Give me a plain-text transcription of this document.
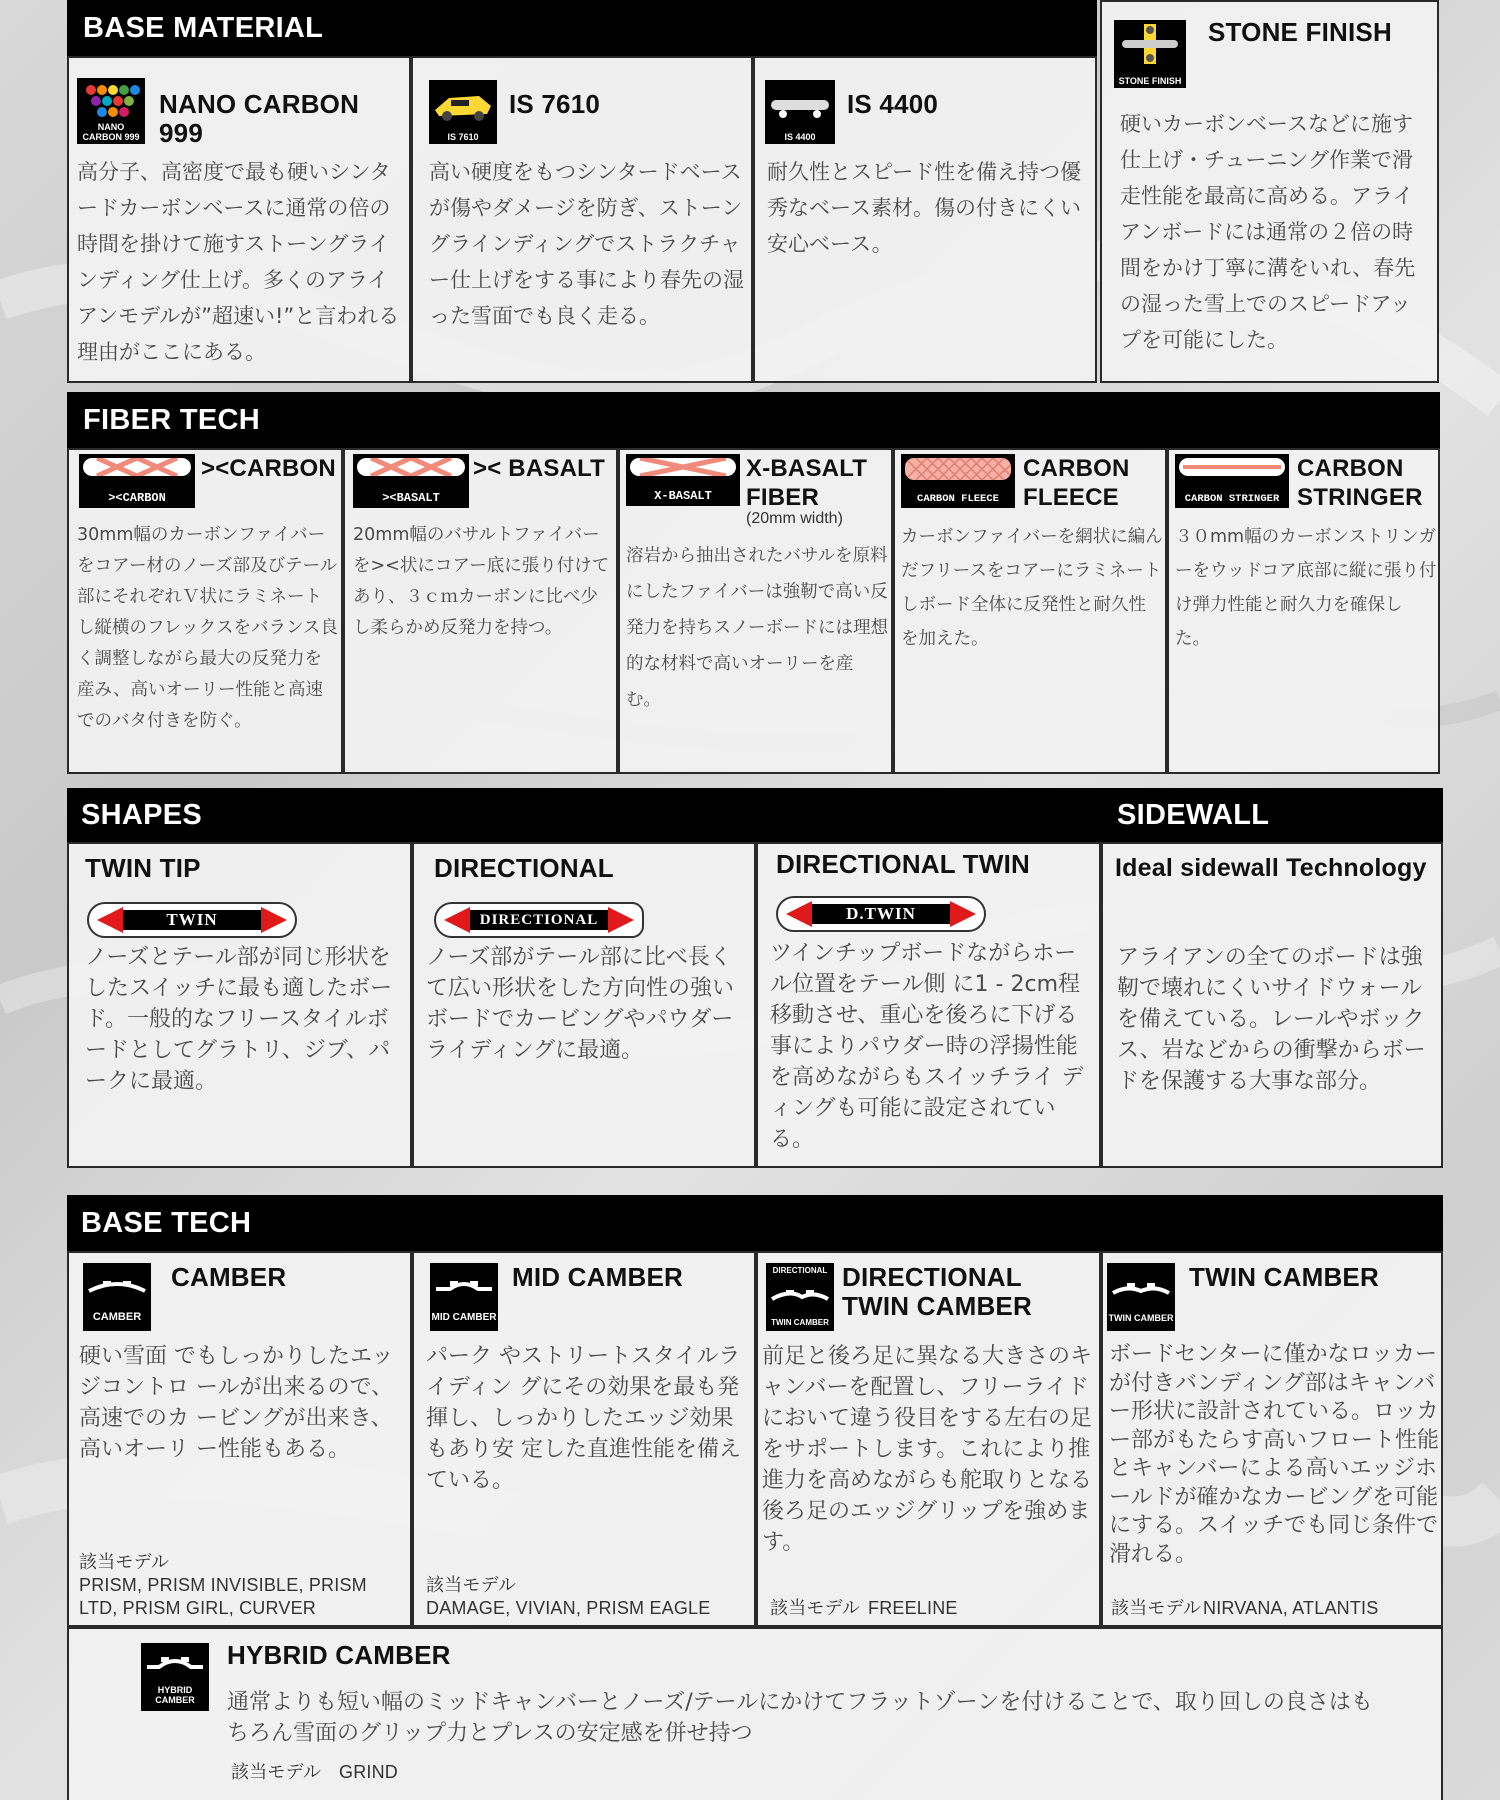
BASE MATERIAL
NANO CARBON 999
NANO CARBON 999
高分子、高密度で最も硬いシンタードカーボンベースに通常の倍の時間を掛けて施すストーングラインディング仕上げ。多くのアライアンモデルが”超速い!”と言われる理由がここにある。
IS 7610
IS 7610
高い硬度をもつシンタードベースが傷やダメージを防ぎ、ストーングラインディングでストラクチャー仕上げをする事により春先の湿った雪面でも良く走る。
IS 4400
IS 4400
耐久性とスピード性を備え持つ優秀なベース素材。傷の付きにくい安心ベース。
STONE FINISH
STONE FINISH
硬いカーボンベースなどに施す仕上げ・チューニング作業で滑走性能を最高に高める。アライアンボードには通常の２倍の時間をかけ丁寧に溝をいれ、春先の湿った雪上でのスピードアップを可能にした。
FIBER TECH
><CARBON
><CARBON
30mm幅のカーボンファイバーをコアー材のノーズ部及びテール部にそれぞれＶ状にラミネートし縦横のフレックスをバランス良く調整しながら最大の反発力を産み、高いオーリー性能と高速でのバタ付きを防ぐ。
><BASALT
>< BASALT
20mm幅のバサルトファイバーを><状にコアー底に張り付けてあり、３ｃｍカーボンに比べ少し柔らかめ反発力を持つ。
X-BASALT
X-BASALT FIBER
(20mm width)
溶岩から抽出されたバサルを原料にしたファイバーは強靭で高い反発力を持ちスノーボードには理想的な材料で高いオーリーを産む。
CARBON FLEECE
CARBON FLEECE
カーボンファイバーを網状に編んだフリースをコアーにラミネートしボード全体に反発性と耐久性を加えた。
CARBON STRINGER
CARBON STRINGER
３０mm幅のカーボンストリンガーをウッドコア底部に縦に張り付け弾力性能と耐久力を確保した。
SHAPES	SIDEWALL
TWIN TIP
TWIN
ノーズとテール部が同じ形状をしたスイッチに最も適したボード。一般的なフリースタイルボードとしてグラトリ、ジブ、パークに最適。
DIRECTIONAL
DIRECTIONAL
ノーズ部がテール部に比べ長くて広い形状をした方向性の強いボードでカービングやパウダーライディングに最適。
DIRECTIONAL TWIN
D.TWIN
ツインチップボードながらホール位置をテール側 に1 - 2cm程移動させ、重心を後ろに下げる事によりパウダー時の浮揚性能を高めながらもスイッチライ ディングも可能に設定されている。
Ideal sidewall Technology
アライアンの全てのボードは強靭で壊れにくいサイドウォールを備えている。レールやボックス、岩などからの衝撃からボードを保護する大事な部分。
BASE TECH
CAMBER
CAMBER
硬い雪面 でもしっかりしたエッジコントロ ールが出来るので、高速でのカ ービングが出来き、高いオーリ ー性能もある。
該当モデル
PRISM, PRISM INVISIBLE, PRISM LTD, PRISM GIRL, CURVER
MID CAMBER
MID CAMBER
パーク やストリートスタイルライディン グにその効果を最も発揮し、しっかりしたエッジ効果もあり安 定した直進性能を備えている。
該当モデル
DAMAGE, VIVIAN, PRISM EAGLE
DIRECTIONAL
TWIN CAMBER
DIRECTIONAL TWIN CAMBER
前足と後ろ足に異なる大きさのキャンバーを配置し、フリーライドにおいて違う役目をする左右の足をサポートします。これにより推進力を高めながらも舵取りとなる後ろ足のエッジグリップを強めます。
該当モデル FREELINE
TWIN CAMBER
TWIN CAMBER
ボードセンターに僅かなロッカーが付きバンディング部はキャンバー形状に設計されている。ロッカー部がもたらす高いフロート性能とキャンバーによる高いエッジホールドが確かなカービングを可能にする。スイッチでも同じ条件で滑れる。
該当モデル NIRVANA, ATLANTIS
HYBRID CAMBER
HYBRID CAMBER
通常よりも短い幅のミッドキャンバーとノーズ/テールにかけてフラットゾーンを付けることで、取り回しの良さはもちろん雪面のグリップ力とプレスの安定感を併せ持つ
該当モデル GRIND
